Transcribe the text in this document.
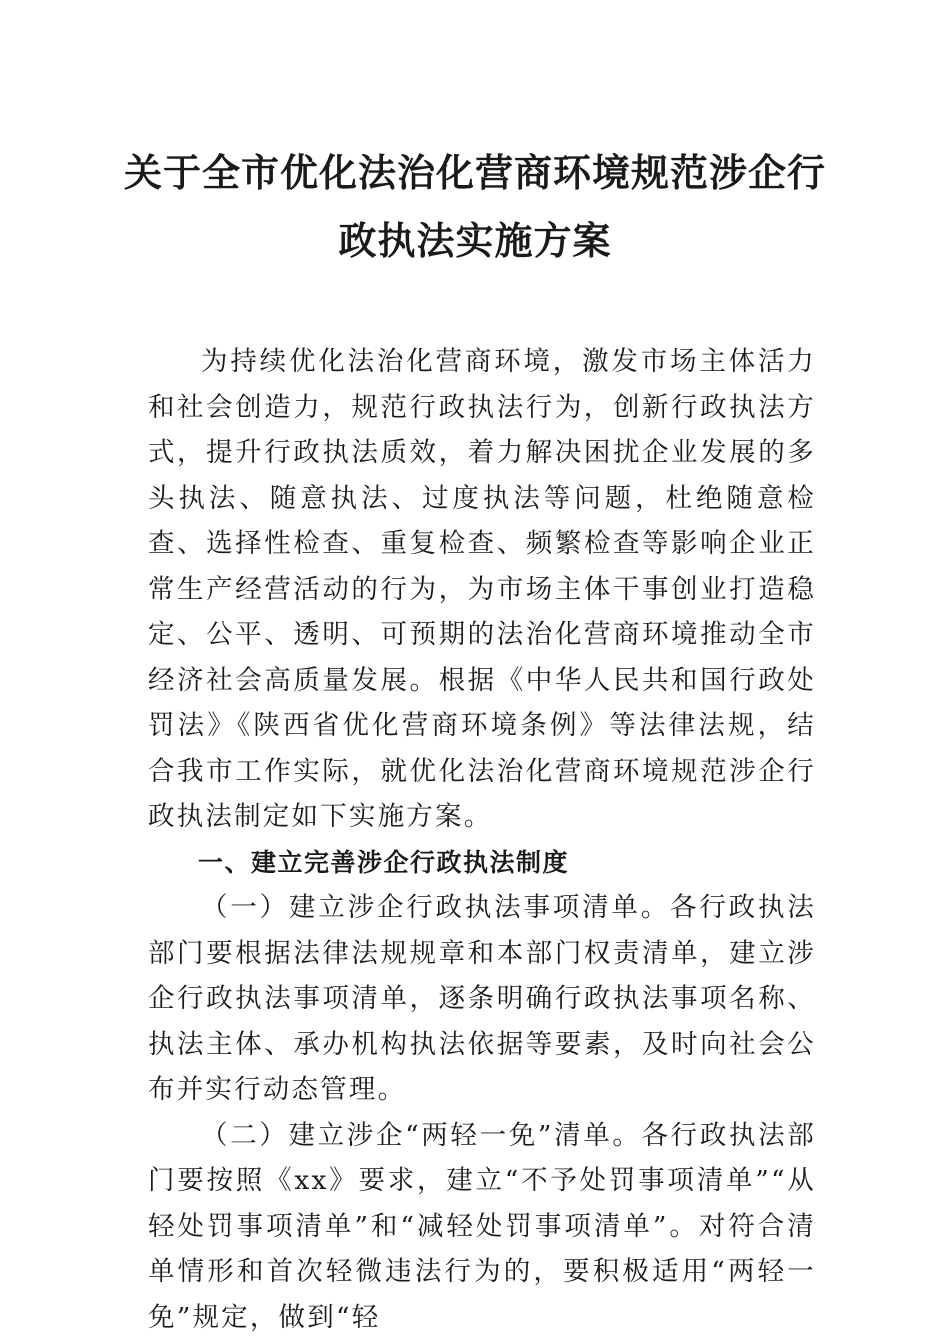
关于全市优化法治化营商环境规范涉企行
政执法实施方案

为持续优化法治化营商环境，激发市场主体活力和社会创造力，规范行政执法行为，创新行政执法方式，提升行政执法质效，着力解决困扰企业发展的多头执法、随意执法、过度执法等问题，杜绝随意检查、选择性检查、重复检查、频繁检查等影响企业正常生产经营活动的行为，为市场主体干事创业打造稳定、公平、透明、可预期的法治化营商环境推动全市经济社会高质量发展。根据《中华人民共和国行政处罚法》《陕西省优化营商环境条例》等法律法规，结合我市工作实际，就优化法治化营商环境规范涉企行政执法制定如下实施方案。

一、建立完善涉企行政执法制度

（一）建立涉企行政执法事项清单。各行政执法部门要根据法律法规规章和本部门权责清单，建立涉企行政执法事项清单，逐条明确行政执法事项名称、执法主体、承办机构执法依据等要素，及时向社会公布并实行动态管理。

（二）建立涉企“两轻一免”清单。各行政执法部门要按照《xx》要求，建立“不予处罚事项清单”“从轻处罚事项清单”和“减轻处罚事项清单”。对符合清单情形和首次轻微违法行为的，要积极适用“两轻一免”规定，做到“轻
